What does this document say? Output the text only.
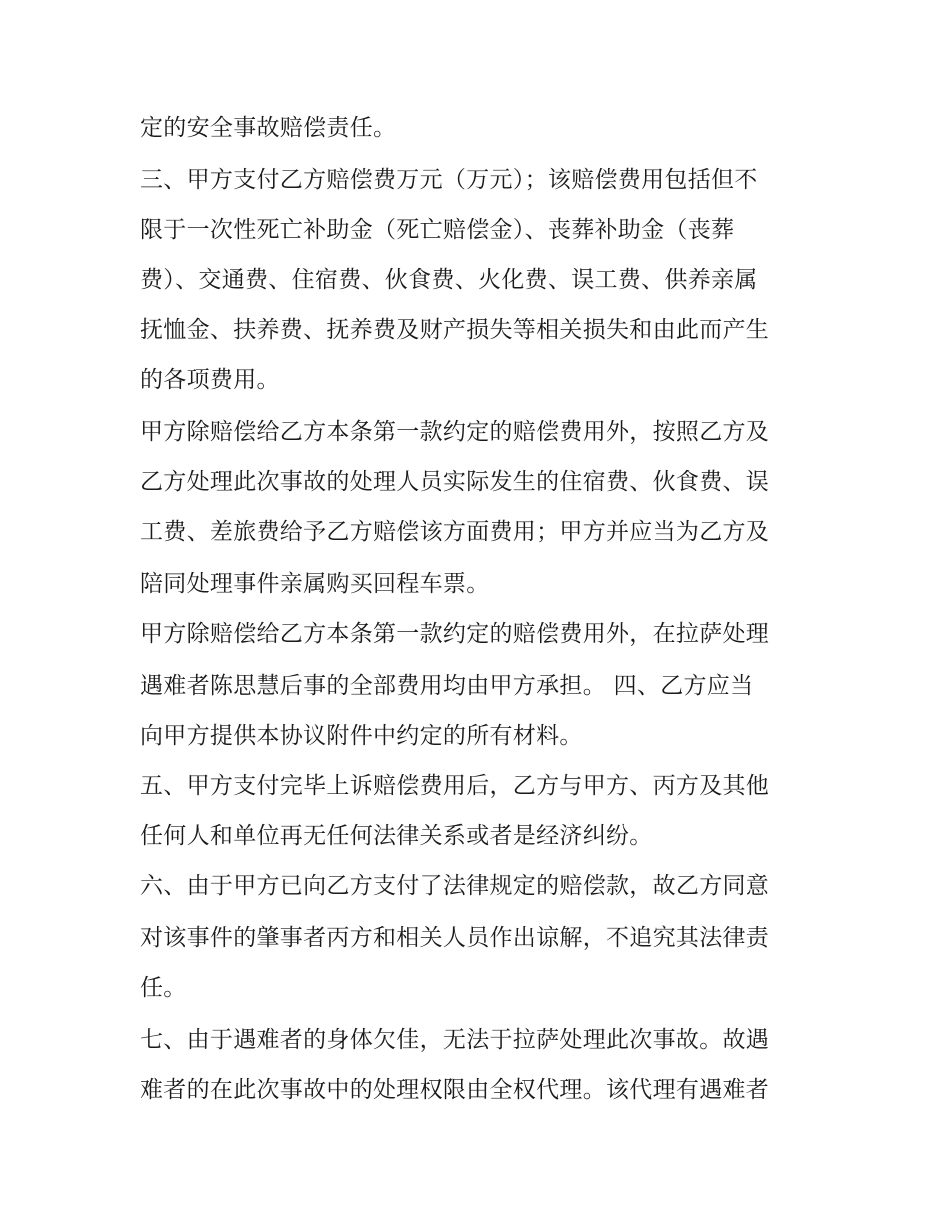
定的安全事故赔偿责任。
三、甲方支付乙方赔偿费万元（万元）；该赔偿费用包括但不
限于一次性死亡补助金（死亡赔偿金）、丧葬补助金（丧葬
费）、交通费、住宿费、伙食费、火化费、误工费、供养亲属
抚恤金、扶养费、抚养费及财产损失等相关损失和由此而产生
的各项费用。
甲方除赔偿给乙方本条第一款约定的赔偿费用外，按照乙方及
乙方处理此次事故的处理人员实际发生的住宿费、伙食费、误
工费、差旅费给予乙方赔偿该方面费用；甲方并应当为乙方及
陪同处理事件亲属购买回程车票。
甲方除赔偿给乙方本条第一款约定的赔偿费用外，在拉萨处理
遇难者陈思慧后事的全部费用均由甲方承担。 四、乙方应当
向甲方提供本协议附件中约定的所有材料。
五、甲方支付完毕上诉赔偿费用后，乙方与甲方、丙方及其他
任何人和单位再无任何法律关系或者是经济纠纷。
六、由于甲方已向乙方支付了法律规定的赔偿款，故乙方同意
对该事件的肇事者丙方和相关人员作出谅解，不追究其法律责
任。
七、由于遇难者的身体欠佳，无法于拉萨处理此次事故。故遇
难者的在此次事故中的处理权限由全权代理。该代理有遇难者
